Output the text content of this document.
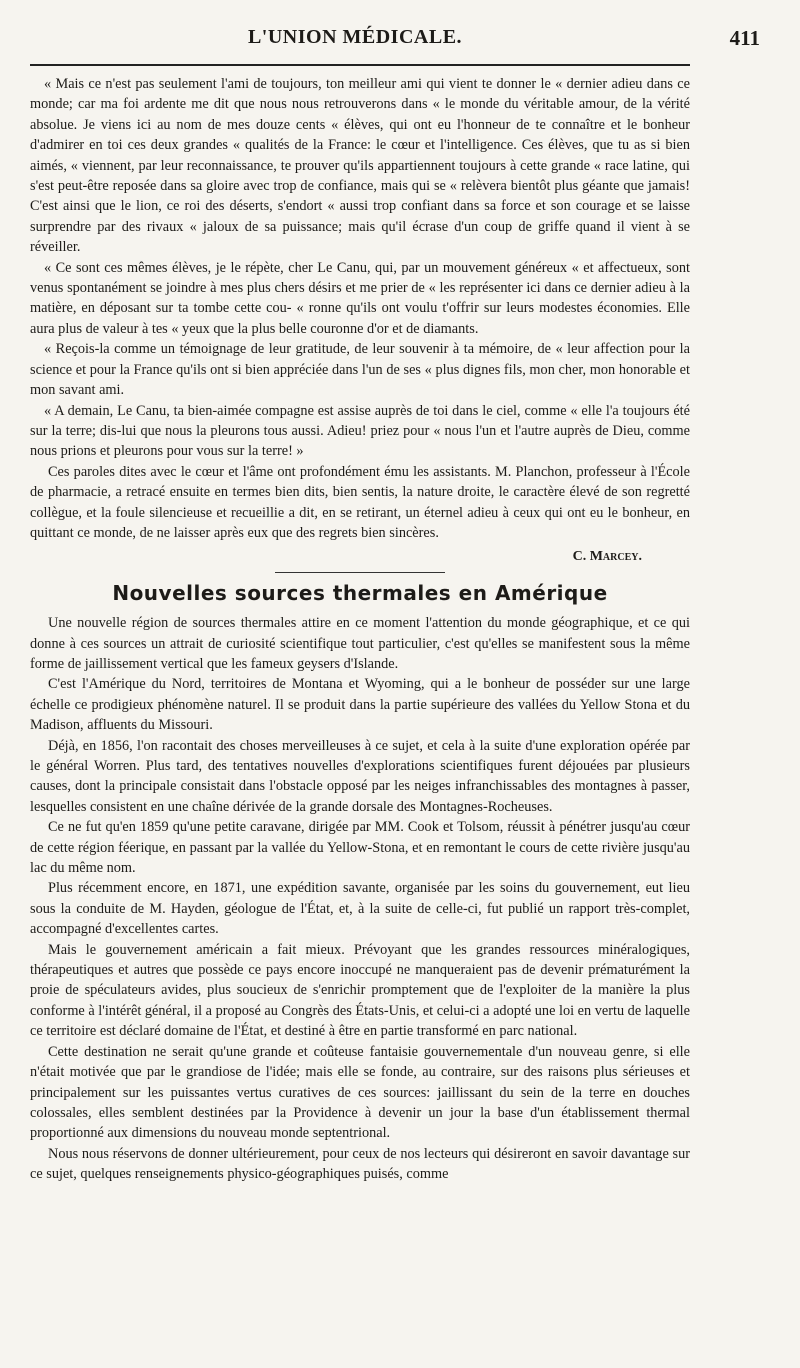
L'UNION MÉDICALE.	411

« Mais ce n'est pas seulement l'ami de toujours, ton meilleur ami qui vient te donner le « dernier adieu dans ce monde; car ma foi ardente me dit que nous nous retrouverons dans « le monde du véritable amour, de la vérité absolue. Je viens ici au nom de mes douze cents « élèves, qui ont eu l'honneur de te connaître et le bonheur d'admirer en toi ces deux grandes « qualités de la France: le cœur et l'intelligence. Ces élèves, que tu as si bien aimés, « viennent, par leur reconnaissance, te prouver qu'ils appartiennent toujours à cette grande « race latine, qui s'est peut-être reposée dans sa gloire avec trop de confiance, mais qui se « relèvera bientôt plus géante que jamais! C'est ainsi que le lion, ce roi des déserts, s'endort « aussi trop confiant dans sa force et son courage et se laisse surprendre par des rivaux « jaloux de sa puissance; mais qu'il écrase d'un coup de griffe quand il vient à se réveiller.

« Ce sont ces mêmes élèves, je le répète, cher Le Canu, qui, par un mouvement généreux « et affectueux, sont venus spontanément se joindre à mes plus chers désirs et me prier de « les représenter ici dans ce dernier adieu à la matière, en déposant sur ta tombe cette cou- « ronne qu'ils ont voulu t'offrir sur leurs modestes économies. Elle aura plus de valeur à tes « yeux que la plus belle couronne d'or et de diamants.

« Reçois-la comme un témoignage de leur gratitude, de leur souvenir à ta mémoire, de « leur affection pour la science et pour la France qu'ils ont si bien appréciée dans l'un de ses « plus dignes fils, mon cher, mon honorable et mon savant ami.

« A demain, Le Canu, ta bien-aimée compagne est assise auprès de toi dans le ciel, comme « elle l'a toujours été sur la terre; dis-lui que nous la pleurons tous aussi. Adieu! priez pour « nous l'un et l'autre auprès de Dieu, comme nous prions et pleurons pour vous sur la terre! »

Ces paroles dites avec le cœur et l'âme ont profondément ému les assistants. M. Planchon, professeur à l'École de pharmacie, a retracé ensuite en termes bien dits, bien sentis, la nature droite, le caractère élevé de son regretté collègue, et la foule silencieuse et recueillie a dit, en se retirant, un éternel adieu à ceux qui ont eu le bonheur, en quittant ce monde, de ne laisser après eux que des regrets bien sincères.

C. Marcey.
Nouvelles sources thermales en Amérique

Une nouvelle région de sources thermales attire en ce moment l'attention du monde géographique, et ce qui donne à ces sources un attrait de curiosité scientifique tout particulier, c'est qu'elles se manifestent sous la même forme de jaillissement vertical que les fameux geysers d'Islande.

C'est l'Amérique du Nord, territoires de Montana et Wyoming, qui a le bonheur de posséder sur une large échelle ce prodigieux phénomène naturel. Il se produit dans la partie supérieure des vallées du Yellow Stona et du Madison, affluents du Missouri.

Déjà, en 1856, l'on racontait des choses merveilleuses à ce sujet, et cela à la suite d'une exploration opérée par le général Worren. Plus tard, des tentatives nouvelles d'explorations scientifiques furent déjouées par plusieurs causes, dont la principale consistait dans l'obstacle opposé par les neiges infranchissables des montagnes à passer, lesquelles consistent en une chaîne dérivée de la grande dorsale des Montagnes-Rocheuses.

Ce ne fut qu'en 1859 qu'une petite caravane, dirigée par MM. Cook et Tolsom, réussit à pénétrer jusqu'au cœur de cette région féerique, en passant par la vallée du Yellow-Stona, et en remontant le cours de cette rivière jusqu'au lac du même nom.

Plus récemment encore, en 1871, une expédition savante, organisée par les soins du gouvernement, eut lieu sous la conduite de M. Hayden, géologue de l'État, et, à la suite de celle-ci, fut publié un rapport très-complet, accompagné d'excellentes cartes.

Mais le gouvernement américain a fait mieux. Prévoyant que les grandes ressources minéralogiques, thérapeutiques et autres que possède ce pays encore inoccupé ne manqueraient pas de devenir prématurément la proie de spéculateurs avides, plus soucieux de s'enrichir promptement que de l'exploiter de la manière la plus conforme à l'intérêt général, il a proposé au Congrès des États-Unis, et celui-ci a adopté une loi en vertu de laquelle ce territoire est déclaré domaine de l'État, et destiné à être en partie transformé en parc national.

Cette destination ne serait qu'une grande et coûteuse fantaisie gouvernementale d'un nouveau genre, si elle n'était motivée que par le grandiose de l'idée; mais elle se fonde, au contraire, sur des raisons plus sérieuses et principalement sur les puissantes vertus curatives de ces sources: jaillissant du sein de la terre en douches colossales, elles semblent destinées par la Providence à devenir un jour la base d'un établissement thermal proportionné aux dimensions du nouveau monde septentrional.

Nous nous réservons de donner ultérieurement, pour ceux de nos lecteurs qui désireront en savoir davantage sur ce sujet, quelques renseignements physico-géographiques puisés, comme
